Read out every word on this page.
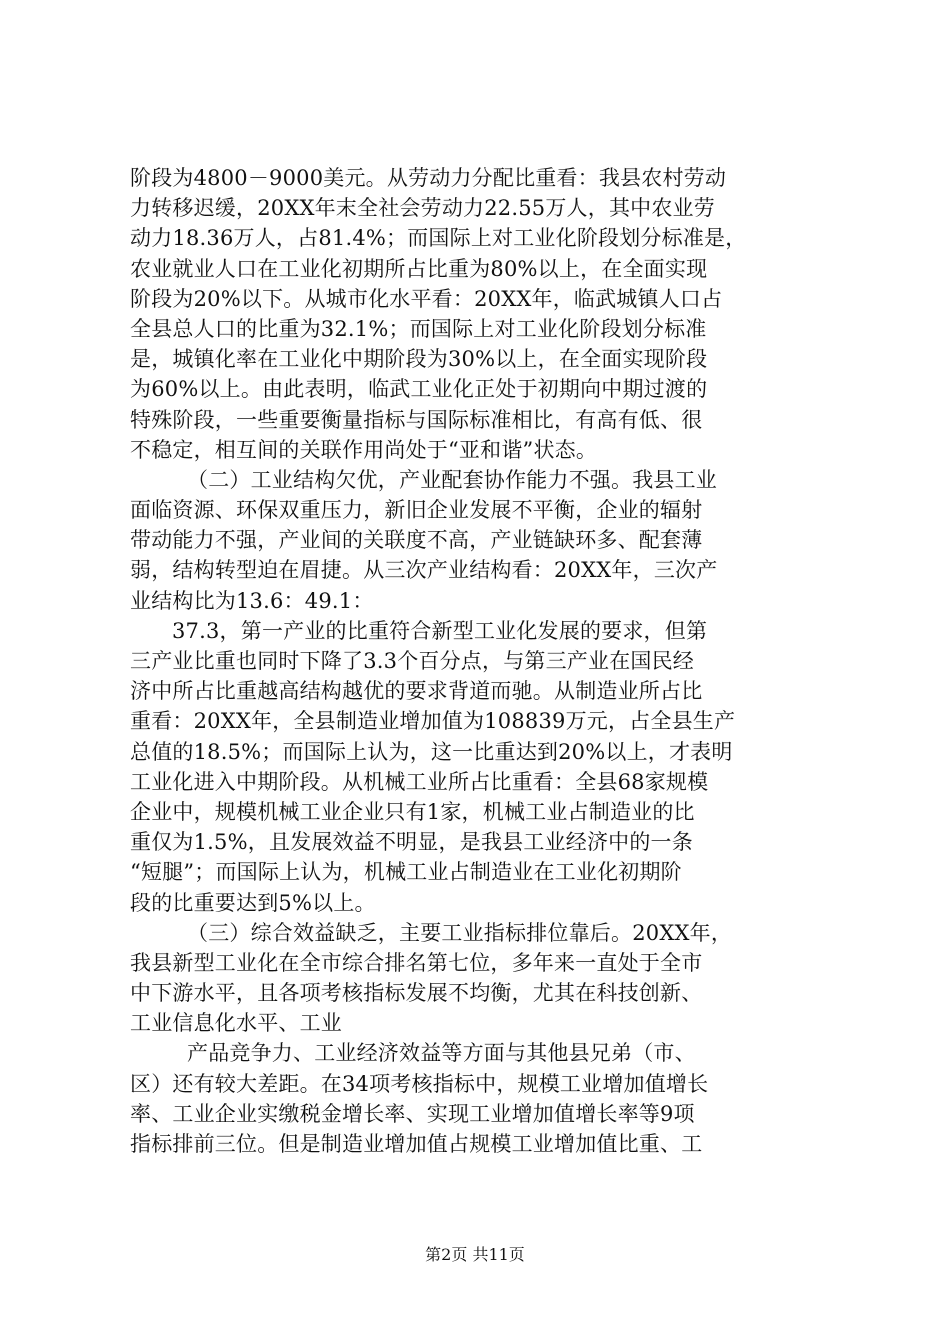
阶段为4800－9000美元。从劳动力分配比重看：我县农村劳动
力转移迟缓，20XX年末全社会劳动力22.55万人，其中农业劳
动力18.36万人，占81.4%；而国际上对工业化阶段划分标准是，
农业就业人口在工业化初期所占比重为80%以上，在全面实现
阶段为20%以下。从城市化水平看：20XX年，临武城镇人口占
全县总人口的比重为32.1%；而国际上对工业化阶段划分标准
是，城镇化率在工业化中期阶段为30%以上，在全面实现阶段
为60%以上。由此表明，临武工业化正处于初期向中期过渡的
特殊阶段，一些重要衡量指标与国际标准相比，有高有低、很
不稳定，相互间的关联作用尚处于“亚和谐”状态。
（二）工业结构欠优，产业配套协作能力不强。我县工业
面临资源、环保双重压力，新旧企业发展不平衡，企业的辐射
带动能力不强，产业间的关联度不高，产业链缺环多、配套薄
弱，结构转型迫在眉捷。从三次产业结构看：20XX年，三次产
业结构比为13.6：49.1：
37.3，第一产业的比重符合新型工业化发展的要求，但第
三产业比重也同时下降了3.3个百分点，与第三产业在国民经
济中所占比重越高结构越优的要求背道而驰。从制造业所占比
重看：20XX年，全县制造业增加值为108839万元，占全县生产
总值的18.5%；而国际上认为，这一比重达到20%以上，才表明
工业化进入中期阶段。从机械工业所占比重看：全县68家规模
企业中，规模机械工业企业只有1家，机械工业占制造业的比
重仅为1.5%，且发展效益不明显，是我县工业经济中的一条
“短腿”；而国际上认为，机械工业占制造业在工业化初期阶
段的比重要达到5%以上。
（三）综合效益缺乏，主要工业指标排位靠后。20XX年，
我县新型工业化在全市综合排名第七位，多年来一直处于全市
中下游水平，且各项考核指标发展不均衡，尤其在科技创新、
工业信息化水平、工业
产品竞争力、工业经济效益等方面与其他县兄弟（市、
区）还有较大差距。在34项考核指标中，规模工业增加值增长
率、工业企业实缴税金增长率、实现工业增加值增长率等9项
指标排前三位。但是制造业增加值占规模工业增加值比重、工
第2页 共11页
